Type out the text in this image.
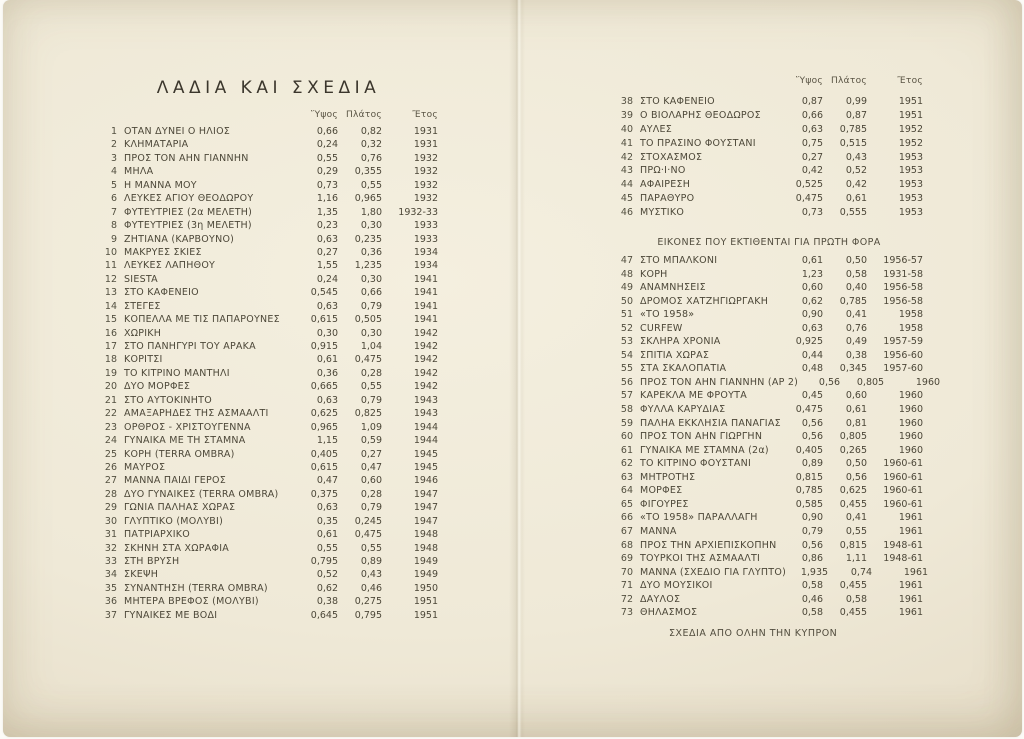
ΛΑΔΙΑ ΚΑΙ ΣΧΕΔΙΑ
Ὕψος Πλάτος	Ἔτος
1 ΟΤΑΝ ΔΥΝΕΙ Ο ΗΛΙΟΣ	0,66	0,82	1931
2 ΚΛΗΜΑΤΑΡΙΑ	0,24	0,32	1931
3 ΠΡΟΣ ΤΟΝ ΑΗΝ ΓΙΑΝΝΗΝ	0,55	0,76	1932
4 ΜΗΛΑ	0,29	0,355	1932
5 Η ΜΑΝΝΑ ΜΟΥ	0,73	0,55	1932
6 ΛΕΥΚΕΣ ΑΓΙΟΥ ΘΕΟΔΩΡΟΥ	1,16	0,965	1932
7 ΦΥΤΕΥΤΡΙΕΣ (2α ΜΕΛΕΤΗ)	1,35	1,80	1932-33
8 ΦΥΤΕΥΤΡΙΕΣ (3η ΜΕΛΕΤΗ)	0,23	0,30	1933
9 ΖΗΤΙΑΝΑ (ΚΑΡΒΟΥΝΟ)	0,63	0,235	1933
10 ΜΑΚΡΥΕΣ ΣΚΙΕΣ	0,27	0,36	1934
11 ΛΕΥΚΕΣ ΛΑΠΗΘΟΥ	1,55	1,235	1934
12 SIESTA	0,24	0,30	1941
13 ΣΤΟ ΚΑΦΕΝΕΙΟ	0,545	0,66	1941
14 ΣΤΕΓΕΣ	0,63	0,79	1941
15 ΚΟΠΕΛΛΑ ΜΕ ΤΙΣ ΠΑΠΑΡΟΥΝΕΣ	0,615	0,505	1941
16 ΧΩΡΙΚΗ	0,30	0,30	1942
17 ΣΤΟ ΠΑΝΗΓΥΡΙ ΤΟΥ ΑΡΑΚΑ	0,915	1,04	1942
18 ΚΟΡΙΤΣΙ	0,61	0,475	1942
19 ΤΟ ΚΙΤΡΙΝΟ ΜΑΝΤΗΛΙ	0,36	0,28	1942
20 ΔΥΟ ΜΟΡΦΕΣ	0,665	0,55	1942
21 ΣΤΟ ΑΥΤΟΚΙΝΗΤΟ	0,63	0,79	1943
22 ΑΜΑΞΑΡΗΔΕΣ ΤΗΣ ΑΣΜΑΑΛΤΙ	0,625	0,825	1943
23 ΟΡΘΡΟΣ - ΧΡΙΣΤΟΥΓΕΝΝΑ	0,965	1,09	1944
24 ΓΥΝΑΙΚΑ ΜΕ ΤΗ ΣΤΑΜΝΑ	1,15	0,59	1944
25 ΚΟΡΗ (TERRA OMBRA)	0,405	0,27	1945
26 ΜΑΥΡΟΣ	0,615	0,47	1945
27 ΜΑΝΝΑ ΠΑΙΔΙ ΓΕΡΟΣ	0,47	0,60	1946
28 ΔΥΟ ΓΥΝΑΙΚΕΣ (TERRA OMBRA)	0,375	0,28	1947
29 ΓΩΝΙΑ ΠΑΛΗΑΣ ΧΩΡΑΣ	0,63	0,79	1947
30 ΓΛΥΠΤΙΚΟ (ΜΟΛΥΒΙ)	0,35	0,245	1947
31 ΠΑΤΡΙΑΡΧΙΚΟ	0,61	0,475	1948
32 ΣΚΗΝΗ ΣΤΑ ΧΩΡΑΦΙΑ	0,55	0,55	1948
33 ΣΤΗ ΒΡΥΣΗ	0,795	0,89	1949
34 ΣΚΕΨΗ	0,52	0,43	1949
35 ΣΥΝΑΝΤΗΣΗ (TERRA OMBRA)	0,62	0,46	1950
36 ΜΗΤΕΡΑ ΒΡΕΦΟΣ (ΜΟΛΥΒΙ)	0,38	0,275	1951
37 ΓΥΝΑΙΚΕΣ ΜΕ ΒΟΔΙ	0,645	0,795	1951
Ὕψος Πλάτος	Ἔτος
38 ΣΤΟ ΚΑΦΕΝΕΙΟ	0,87	0,99	1951
39 Ο ΒΙΟΛΑΡΗΣ ΘΕΟΔΩΡΟΣ	0,66	0,87	1951
40 ΑΥΛΕΣ	0,63	0,785	1952
41 ΤΟ ΠΡΑΣΙΝΟ ΦΟΥΣΤΑΝΙ	0,75	0,515	1952
42 ΣΤΟΧΑΣΜΟΣ	0,27	0,43	1953
43 ΠΡΩ·Ι·ΝΟ	0,42	0,52	1953
44 ΑΦΑΙΡΕΣΗ	0,525	0,42	1953
45 ΠΑΡΑΘΥΡΟ	0,475	0,61	1953
46 ΜΥΣΤΙΚΟ	0,73	0,555	1953
ΕΙΚΟΝΕΣ ΠΟΥ ΕΚΤΙΘΕΝΤΑΙ ΓΙΑ ΠΡΩΤΗ ΦΟΡΑ
47 ΣΤΟ ΜΠΑΛΚΟΝΙ	0,61	0,50	1956-57
48 ΚΟΡΗ	1,23	0,58	1931-58
49 ΑΝΑΜΝΗΣΕΙΣ	0,60	0,40	1956-58
50 ΔΡΟΜΟΣ ΧΑΤΖΗΓΙΩΡΓΑΚΗ	0,62	0,785	1956-58
51 «ΤΟ 1958»	0,90	0,41	1958
52 CURFEW	0,63	0,76	1958
53 ΣΚΛΗΡΑ ΧΡΟΝΙΑ	0,925	0,49	1957-59
54 ΣΠΙΤΙΑ ΧΩΡΑΣ	0,44	0,38	1956-60
55 ΣΤΑ ΣΚΑΛΟΠΑΤΙΑ	0,48	0,345	1957-60
56 ΠΡΟΣ ΤΟΝ ΑΗΝ ΓΙΑΝΝΗΝ (ΑΡ 2)	0,56	0,805	1960
57 ΚΑΡΕΚΛΑ ΜΕ ΦΡΟΥΤΑ	0,45	0,60	1960
58 ΦΥΛΛΑ ΚΑΡΥΔΙΑΣ	0,475	0,61	1960
59 ΠΑΛΗΑ ΕΚΚΛΗΣΙΑ ΠΑΝΑΓΙΑΣ	0,56	0,81	1960
60 ΠΡΟΣ ΤΟΝ ΑΗΝ ΓΙΩΡΓΗΝ	0,56	0,805	1960
61 ΓΥΝΑΙΚΑ ΜΕ ΣΤΑΜΝΑ (2α)	0,405	0,265	1960
62 ΤΟ ΚΙΤΡΙΝΟ ΦΟΥΣΤΑΝΙ	0,89	0,50	1960-61
63 ΜΗΤΡΟΤΗΣ	0,815	0,56	1960-61
64 ΜΟΡΦΕΣ	0,785	0,625	1960-61
65 ΦΙΓΟΥΡΕΣ	0,585	0,455	1960-61
66 «ΤΟ 1958» ΠΑΡΑΛΛΑΓΗ	0,90	0,41	1961
67 ΜΑΝΝΑ	0,79	0,55	1961
68 ΠΡΟΣ ΤΗΝ ΑΡΧΙΕΠΙΣΚΟΠΗΝ	0,56	0,815	1948-61
69 ΤΟΥΡΚΟΙ ΤΗΣ ΑΣΜΑΑΛΤΙ	0,86	1,11	1948-61
70 ΜΑΝΝΑ (ΣΧΕΔΙΟ ΓΙΑ ΓΛΥΠΤΟ)	1,935	0,74	1961
71 ΔΥΟ ΜΟΥΣΙΚΟΙ	0,58	0,455	1961
72 ΔΑΥΛΟΣ	0,46	0,58	1961
73 ΘΗΛΑΣΜΟΣ	0,58	0,455	1961
ΣΧΕΔΙΑ ΑΠΟ ΟΛΗΝ ΤΗΝ ΚΥΠΡΟΝ
